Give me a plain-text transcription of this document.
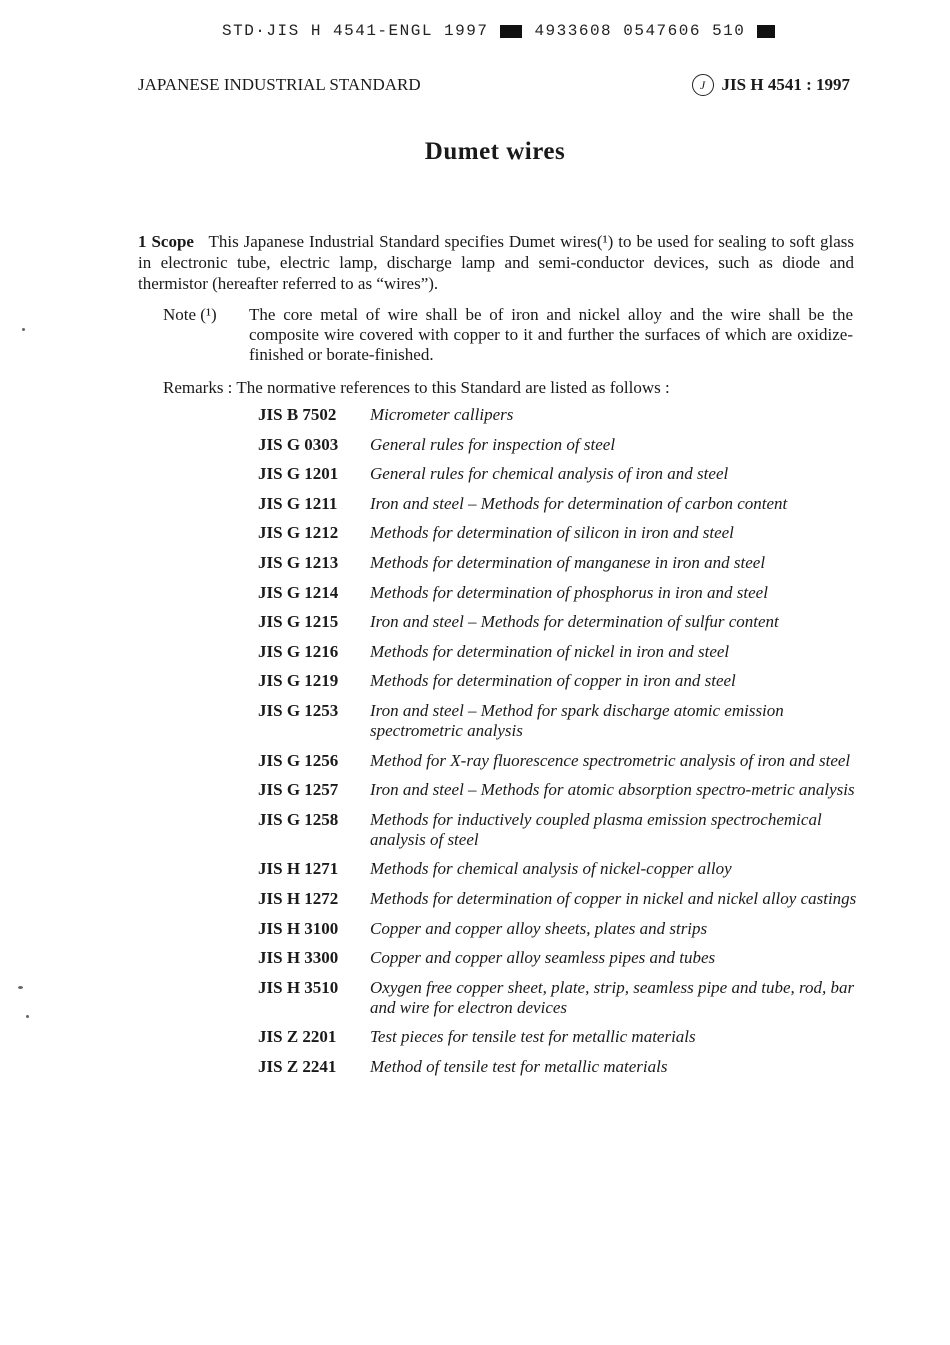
STD·JIS H 4541-ENGL 1997	4933608 0547606 510
JAPANESE INDUSTRIAL STANDARD	J JIS H 4541 : 1997
Dumet wires
1 Scope This Japanese Industrial Standard specifies Dumet wires(¹) to be used for sealing to soft glass in electronic tube, electric lamp, discharge lamp and semi-conductor devices, such as diode and thermistor (hereafter referred to as “wires”).
Note (¹)	The core metal of wire shall be of iron and nickel alloy and the wire shall be the composite wire covered with copper to it and further the surfaces of which are oxidize-finished or borate-finished.
Remarks : The normative references to this Standard are listed as follows :
JIS B 7502	Micrometer callipers
JIS G 0303	General rules for inspection of steel
JIS G 1201	General rules for chemical analysis of iron and steel
JIS G 1211	Iron and steel – Methods for determination of carbon content
JIS G 1212	Methods for determination of silicon in iron and steel
JIS G 1213	Methods for determination of manganese in iron and steel
JIS G 1214	Methods for determination of phosphorus in iron and steel
JIS G 1215	Iron and steel – Methods for determination of sulfur content
JIS G 1216	Methods for determination of nickel in iron and steel
JIS G 1219	Methods for determination of copper in iron and steel
JIS G 1253	Iron and steel – Method for spark discharge atomic emission spectrometric analysis
JIS G 1256	Method for X-ray fluorescence spectrometric analysis of iron and steel
JIS G 1257	Iron and steel – Methods for atomic absorption spectro-metric analysis
JIS G 1258	Methods for inductively coupled plasma emission spectrochemical analysis of steel
JIS H 1271	Methods for chemical analysis of nickel-copper alloy
JIS H 1272	Methods for determination of copper in nickel and nickel alloy castings
JIS H 3100	Copper and copper alloy sheets, plates and strips
JIS H 3300	Copper and copper alloy seamless pipes and tubes
JIS H 3510	Oxygen free copper sheet, plate, strip, seamless pipe and tube, rod, bar and wire for electron devices
JIS Z 2201	Test pieces for tensile test for metallic materials
JIS Z 2241	Method of tensile test for metallic materials
